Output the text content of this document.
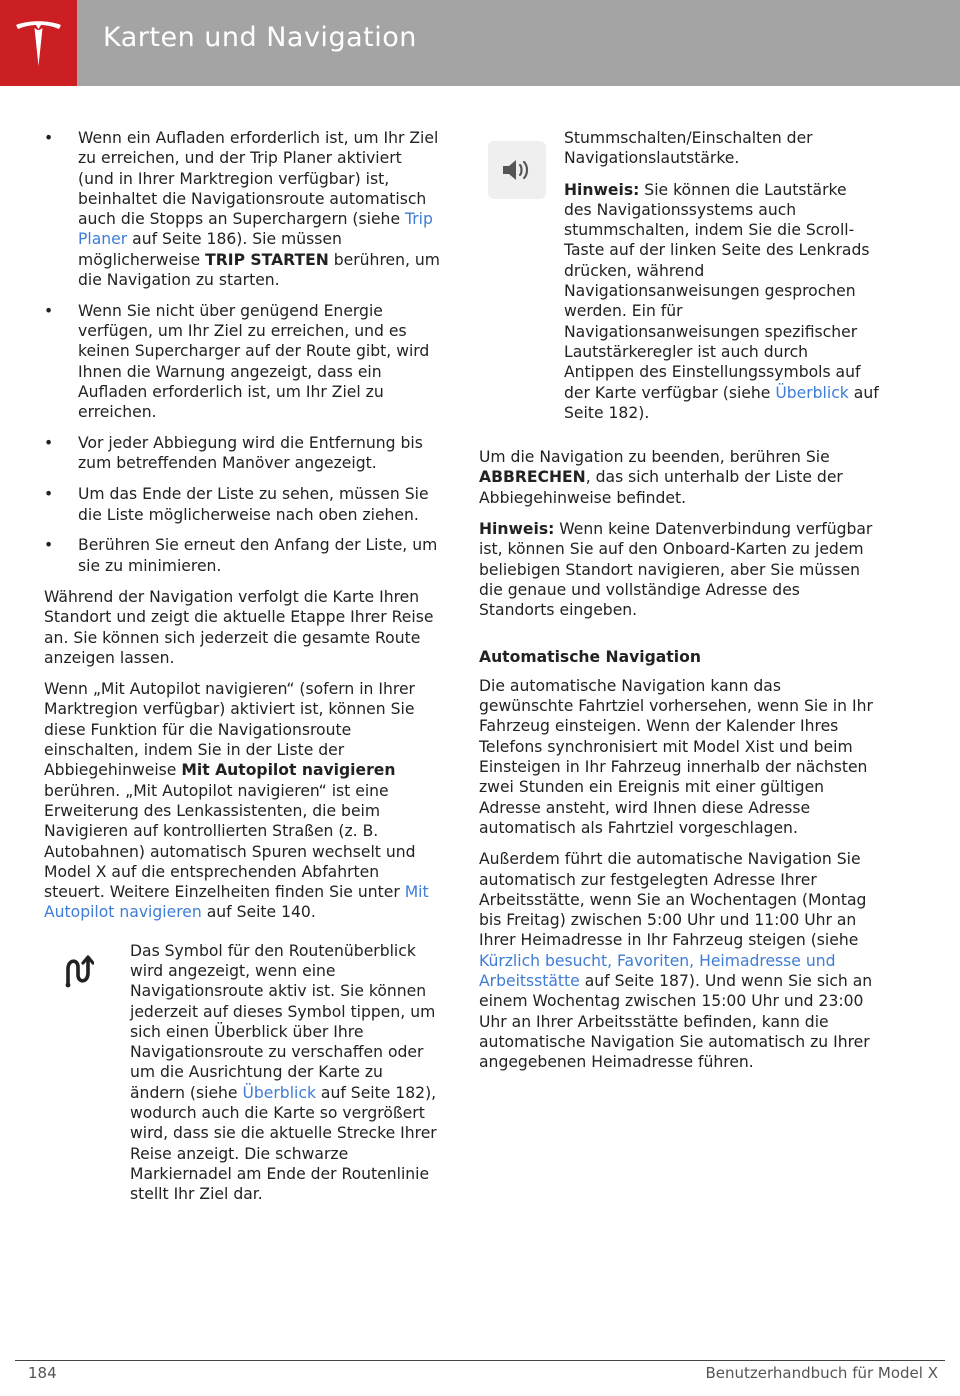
Karten und Navigation
• Wenn ein Aufladen erforderlich ist, um Ihr Ziel zu erreichen, und der Trip Planer aktiviert (und in Ihrer Marktregion verfügbar) ist, beinhaltet die Navigationsroute automatisch auch die Stopps an Superchargern (siehe Trip Planer auf Seite 186). Sie müssen möglicherweise TRIP STARTEN berühren, um die Navigation zu starten.
• Wenn Sie nicht über genügend Energie verfügen, um Ihr Ziel zu erreichen, und es keinen Supercharger auf der Route gibt, wird Ihnen die Warnung angezeigt, dass ein Aufladen erforderlich ist, um Ihr Ziel zu erreichen.
• Vor jeder Abbiegung wird die Entfernung bis zum betreffenden Manöver angezeigt.
• Um das Ende der Liste zu sehen, müssen Sie die Liste möglicherweise nach oben ziehen.
• Berühren Sie erneut den Anfang der Liste, um sie zu minimieren.

Während der Navigation verfolgt die Karte Ihren Standort und zeigt die aktuelle Etappe Ihrer Reise an. Sie können sich jederzeit die gesamte Route anzeigen lassen.

Wenn „Mit Autopilot navigieren“ (sofern in Ihrer Marktregion verfügbar) aktiviert ist, können Sie diese Funktion für die Navigationsroute einschalten, indem Sie in der Liste der Abbiegehinweise Mit Autopilot navigieren berühren. „Mit Autopilot navigieren“ ist eine Erweiterung des Lenkassistenten, die beim Navigieren auf kontrollierten Straßen (z. B. Autobahnen) automatisch Spuren wechselt und Model X auf die entsprechenden Abfahrten steuert. Weitere Einzelheiten finden Sie unter Mit Autopilot navigieren auf Seite 140.

Das Symbol für den Routenüberblick wird angezeigt, wenn eine Navigationsroute aktiv ist. Sie können jederzeit auf dieses Symbol tippen, um sich einen Überblick über Ihre Navigationsroute zu verschaffen oder um die Ausrichtung der Karte zu ändern (siehe Überblick auf Seite 182), wodurch auch die Karte so vergrößert wird, dass sie die aktuelle Strecke Ihrer Reise anzeigt. Die schwarze Markiernadel am Ende der Routenlinie stellt Ihr Ziel dar.

Stummschalten/Einschalten der Navigationslautstärke.

Hinweis: Sie können die Lautstärke des Navigationssystems auch stummschalten, indem Sie die Scroll-Taste auf der linken Seite des Lenkrads drücken, während Navigationsanweisungen gesprochen werden. Ein für Navigationsanweisungen spezifischer Lautstärkeregler ist auch durch Antippen des Einstellungssymbols auf der Karte verfügbar (siehe Überblick auf Seite 182).

Um die Navigation zu beenden, berühren Sie ABBRECHEN, das sich unterhalb der Liste der Abbiegehinweise befindet.

Hinweis: Wenn keine Datenverbindung verfügbar ist, können Sie auf den Onboard-Karten zu jedem beliebigen Standort navigieren, aber Sie müssen die genaue und vollständige Adresse des Standorts eingeben.

Automatische Navigation

Die automatische Navigation kann das gewünschte Fahrtziel vorhersehen, wenn Sie in Ihr Fahrzeug einsteigen. Wenn der Kalender Ihres Telefons synchronisiert mit Model Xist und beim Einsteigen in Ihr Fahrzeug innerhalb der nächsten zwei Stunden ein Ereignis mit einer gültigen Adresse ansteht, wird Ihnen diese Adresse automatisch als Fahrtziel vorgeschlagen.

Außerdem führt die automatische Navigation Sie automatisch zur festgelegten Adresse Ihrer Arbeitsstätte, wenn Sie an Wochentagen (Montag bis Freitag) zwischen 5:00 Uhr und 11:00 Uhr an Ihrer Heimadresse in Ihr Fahrzeug steigen (siehe Kürzlich besucht, Favoriten, Heimadresse und Arbeitsstätte auf Seite 187). Und wenn Sie sich an einem Wochentag zwischen 15:00 Uhr und 23:00 Uhr an Ihrer Arbeitsstätte befinden, kann die automatische Navigation Sie automatisch zu Ihrer angegebenen Heimadresse führen.

184	Benutzerhandbuch für Model X
